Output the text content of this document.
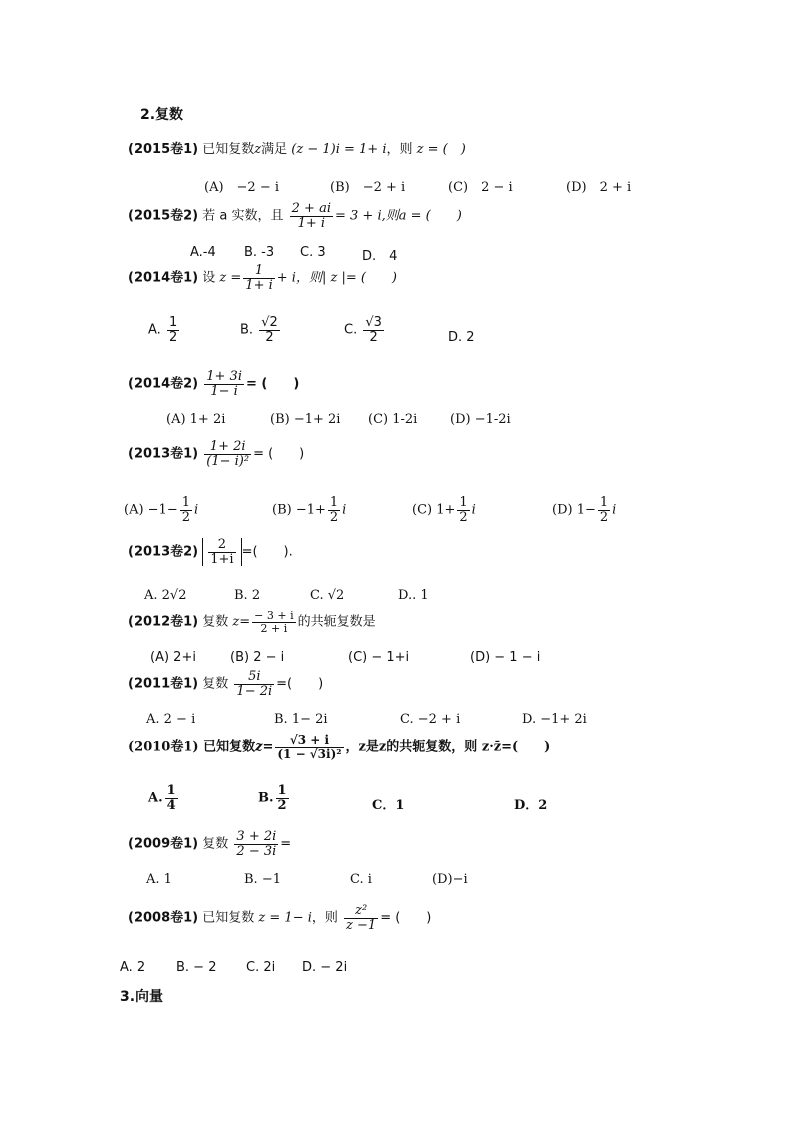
2.复数
(2015卷1) 已知复数z满足 (z − 1)i = 1+ i，则 z = (　)
(A)　−2 − i	(B)　−2 + i	(C)　2 − i	(D)　2 + i
(2015卷2) 若 a 实数，且 $\frac{2 + ai}{1+ i} = 3 + i$,则a = (　　)
A.-4 B. -3 C. 3	D.　4
(2014卷1) 设 $z = \frac{1}{1+ i} + i$，则| z |= (　　)
A. $\frac{1}{2}$	B. $\frac{√2}{2}$	C. $\frac{√3}{2}$	D. 2
(2014卷$2) \frac{1+ 3i}{1- i}$ = (　　)
(A) 1+ 2i	(B) −1+ 2i (C) 1-2i	(D) −1-2i
(2013卷$1) \frac{1+ 2i}{\text{(1− i)²}}$ = (　　)
$(A) -1- \frac{1}{2}$ i	$(B) -1+ \frac{1}{2}$ i	(C) $1+ \frac{1}{2}$ i	(D) $1- \frac{1}{2}$ i
(2013卷$2) \frac{2}{1+i}$ =(　　).
A. 2√2	B. 2	C. √2	D.. 1
(2012卷1) 复数 $z= \frac{- 3 + i}{2 + i}$ 的共轭复数是
(A) 2+i	(B) 2 − i	(C) − 1+i	(D) − 1 − i
(2011卷1) 复数 $\frac{5i}{1- 2i}$ =(　　)
A. 2 − i	B. 1− 2i	C. −2 + i	D. −1+ 2i
(2010卷1) 已知复数$z= \frac{√3 + i}{\text{(1 − √3i)²}}$ ，z是z的共轭复数，则 z·z̄=(　　)
A. $\frac{1}{4}$	B. $\frac{1}{2}$	C．1	D．2
(2009卷1) 复数 $\frac{3 + 2i}{2 - 3i}$ =
A. 1	B. −1	C. i	(D)−i
(2008卷1) 已知复数 z = 1− i，则 $\frac{\text{z²}}{z -1}$ = (　　)
A. 2 B. − 2 C. 2i D. − 2i
3.向量
